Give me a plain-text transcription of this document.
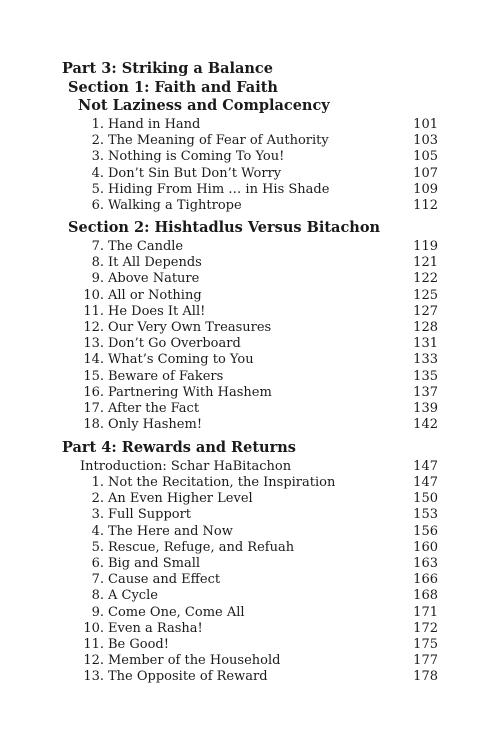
Part 3: Striking a Balance
Section 1: Faith and Faith
Not Laziness and Complacency
1. Hand in Hand	101
2. The Meaning of Fear of Authority	103
3. Nothing is Coming To You!	105
4. Don’t Sin But Don’t Worry	107
5. Hiding From Him … in His Shade	109
6. Walking a Tightrope	112
Section 2: Hishtadlus Versus Bitachon
7. The Candle	119
8. It All Depends	121
9. Above Nature	122
10. All or Nothing	125
11. He Does It All!	127
12. Our Very Own Treasures	128
13. Don’t Go Overboard	131
14. What’s Coming to You	133
15. Beware of Fakers	135
16. Partnering With Hashem	137
17. After the Fact	139
18. Only Hashem!	142
Part 4: Rewards and Returns
Introduction: Schar HaBitachon	147
1. Not the Recitation, the Inspiration	147
2. An Even Higher Level	150
3. Full Support	153
4. The Here and Now	156
5. Rescue, Refuge, and Refuah	160
6. Big and Small	163
7. Cause and Effect	166
8. A Cycle	168
9. Come One, Come All	171
10. Even a Rasha!	172
11. Be Good!	175
12. Member of the Household	177
13. The Opposite of Reward	178
